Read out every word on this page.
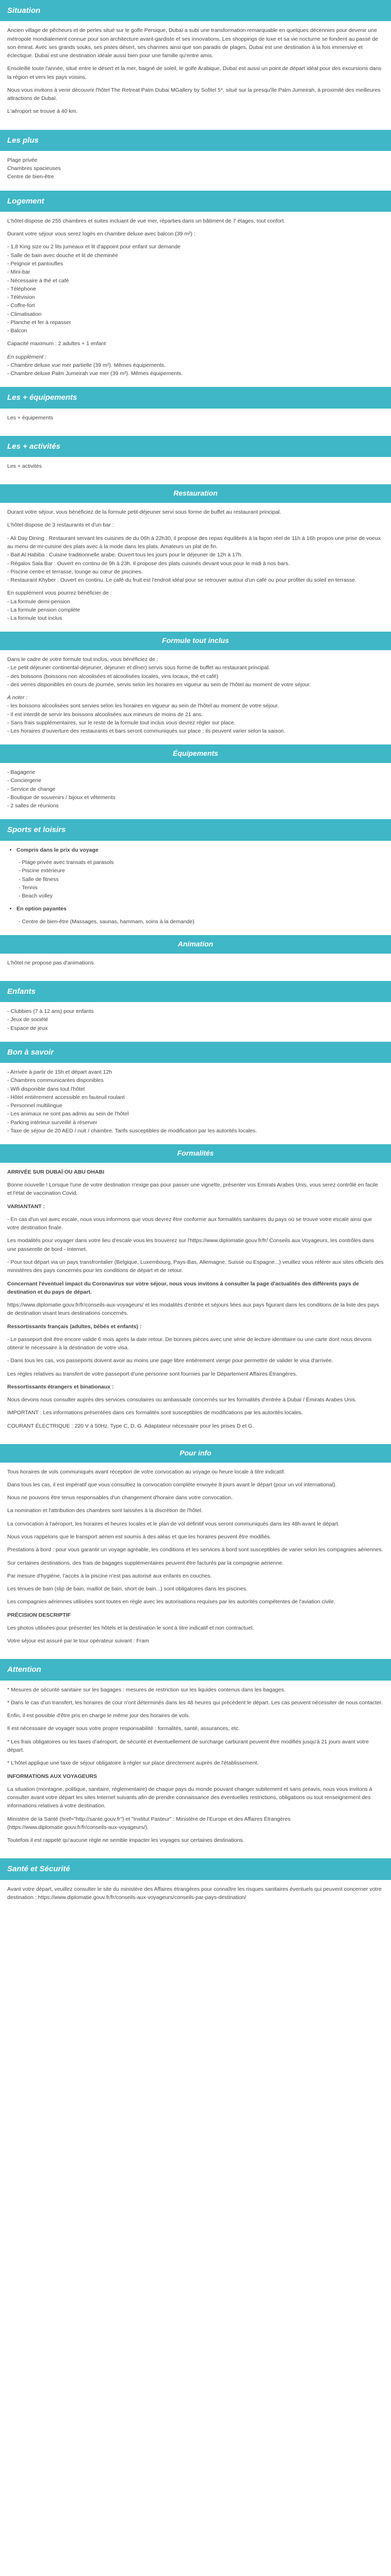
Situation

Ancien village de pêcheurs et de perles situé sur le golfe Persique, Dubaï a subi une transformation remarquable en quelques décennies pour devenir une métropole mondialement connue pour son architecture avant-gardiste et ses innovations. Les shoppings de luxe et sa vie nocturne se fondent au passé de son émirat. Avec ses grands souks, ses pistes désert, ses charmes ainsi que son paradis de plages, Dubaï est une destination à la fois immersive et éclectique. Dubaï est une destination idéale aussi bien pour une famille qu'entre amis.

Ensoleillé toute l'année, situé entre le désert et la mer, baigné de soleil, le golfe Arabique, Dubaï est aussi un point de départ idéal pour des excursions dans la région et vers les pays voisins.

Nous vous invitons à venir découvrir l'hôtel The Retreat Palm Dubai MGallery by Sofitel 5*, situé sur la presqu'île Palm Jumeirah, à proximité des meilleures attractions de Dubaï.

L'aéroport se trouve à 40 km.

Les plus

Plage privée

Chambres spacieuses

Centre de bien-être

Logement

L'hôtel dispose de 255 chambres et suites incluant de vue mer, réparties dans un bâtiment de 7 étages, tout confort.

Durant votre séjour vous serez logés en chambre deluxe avec balcon (39 m²) :

- 1,8 King size ou 2 lits jumeaux et lit d'appoint pour enfant sur demande

- Salle de bain avec douche et lit de cheminée

- Peignoir et pantoufles

- Mini-bar

- Nécessaire à thé et café

- Téléphone

- Télévision

- Coffre-fort

- Climatisation

- Planche et fer à repasser

- Balcon

Capacité maximum : 2 adultes + 1 enfant

En supplément :

- Chambre deluxe vue mer partielle (39 m²). Mêmes équipements.

- Chambre deluxe Palm Jumeirah vue mer (39 m²). Mêmes équipements.

Les + équipements

Les + équipements

Les + activités

Les + activités

Restauration

Durant votre séjour, vous bénéficiez de la formule petit-déjeuner servi sous forme de buffet au restaurant principal.

L'hôtel dispose de 3 restaurants et d'un bar :

- Ali Day Dining : Restaurant servant les cuisines de du 06h à 22h30, il propose des repas équilibrés à la façon réel de 11h à 16h propos une prise de voeux au menu de mi-cuisine des plats avec à la mode dans les plats. Amateurs un plat de fin.

- Bait Al Habiba : Cuisine traditionnelle arabe. Ouvert tous les jours pour le déjeuner de 12h à 17h.

- Régalos Sala Bar : Ouvert en continu de 9h à 23h. Il propose des plats cuisinés devant vous pour le midi à nos bars.

- Piscine centre et terrasse, lounge au cœur de piscines.

- Restaurant Khyber : Ouvert en continu. Le café du fruit est l'endroit idéal pour se retrouver autour d'un café ou pour profiter du soleil en terrasse.

En supplément vous pourrez bénéficier de :

- La formule demi-pension

- La formule pension complète

- La formule tout inclus

Formule tout inclus

Dans le cadre de votre formule tout inclus, vous bénéficiez de :

- Le petit déjeuner continental-déjeuner, déjeuner et dîner) servis sous forme de buffet au restaurant principal.

- des boissons (boissons non alcoolisées et alcoolisées locales, vins locaux, thé et café)

- des verres disponibles en cours de journée, servis selon les horaires en vigueur au sein de l'hôtel au moment de votre séjour.

A noter :

- les boissons alcoolisées sont servies selon les horaires en vigueur au sein de l'hôtel au moment de votre séjour.

- Il est interdit de servir les boissons alcoolisées aux mineurs de moins de 21 ans.

- Sans frais supplémentaires, sur le reste de la formule tout inclus vous devrez régler sur place.

- Les horaires d'ouverture des restaurants et bars seront communiqués sur place ; ils peuvent varier selon la saison.

Équipements

- Bagagerie

- Conciergerie

- Service de change

- Boutique de souvenirs / bijoux et vêtements

- 2 salles de réunions

Sports et loisirs
• Compris dans le prix du voyage

- Plage privée avec transats et parasols

- Piscine extérieure

- Salle de fitness

- Tennis

- Beach volley

• En option payantes

- Centre de bien-être (Massages, saunas, hammam, soins à la demande)

Animation

L'hôtel ne propose pas d'animations.

Enfants

- Clubbies (7 à 12 ans) pour enfants

- Jeux de société

- Espace de jeux

Bon à savoir

- Arrivée à partir de 15h et départ avant 12h

- Chambres communicantes disponibles

- Wifi disponible dans tout l'hôtel

- Hôtel entièrement accessible en fauteuil roulant

- Personnel multilingue

- Les animaux ne sont pas admis au sein de l'hôtel

- Parking intérieur surveillé à réserver

- Taxe de séjour de 20 AED / nuit / chambre. Tarifs susceptibles de modification par les autorités locales.

Formalités

ARRIVÉE SUR DUBAÏ OU ABU DHABI

Bonne nouvelle ! Lorsque l'une de votre destination n'exige pas pour passer une vignette, présenter vos Emirats Arabes Unis, vous serez contrôlé en facile et l'état de vaccination Covid.

VARIANTANT :

- En cas d'un vol avec escale, nous vous informons que vous devrez être conforme aux formalités sanitaires du pays où se trouve votre escale ainsi que votre destination finale.

Les modalités pour voyager dans votre lieu d'escale vous les trouverez sur l'https://www.diplomatie.gouv.fr/fr/ Conseils aux Voyageurs, les contrôles dans une passerelle de bord - Internet.

- Pour tout départ via un pays transfrontalier (Belgique, Luxembourg, Pays-Bas, Allemagne, Suisse ou Espagne...) veuillez vous référer aux sites officiels des ministères des pays concernés pour les conditions de départ et de retour.

Concernant l'éventuel impact du Coronavirus sur votre séjour, nous vous invitons à consulter la page d'actualités des différents pays de destination et du pays de départ.

https://www.diplomatie.gouv.fr/fr/conseils-aux-voyageurs/ et les modalités d'entrée et séjours liées aux pays figurant dans les conditions de la liste des pays de destination visant leurs destinations concernés.

Ressortissants français (adultes, bébés et enfants) :

- Le passeport doit être encore valide 6 mois après la date retour. De bonnes pièces avec une série de lecture identitaire ou une carte dont nous devons obtenir le nécessaire à la destination de votre visa.

- Dans tous les cas, vos passeports doivent avoir au moins une page libre entièrement vierge pour permettre de valider le visa d'arrivée.

Les règles relatives au transfert de votre passeport d'une personne sont fournies par le Département Affaires Étrangères.

Ressortissants étrangers et binationaux :

Nous devons nous consulter auprès des services consulaires ou ambassade concernés sur les formalités d'entrée à Dubaï / Émirats Arabes Unis.

IMPORTANT : Les informations présentées dans ces formalités sont susceptibles de modifications par les autorités locales.

COURANT ÉLECTRIQUE : 220 V à 50Hz. Type C, D, G. Adaptateur nécessaire pour les prises D et G.

Pour info

Tous horaires de vols communiqués avant réception de votre convocation au voyage ou heure locale à titre indicatif.

Dans tous les cas, il est impératif que vous consultiez la convocation complète envoyée 8 jours avant le départ (pour un vol international).

Nous ne pouvons être tenus responsables d'un changement d'horaire dans votre convocation.

La nomination et l'attribution des chambres sont laissées à la discrétion de l'hôtel.

La convocation à l'aéroport, les horaires et heures locales et le plan de vol définitif vous seront communiqués dans les 48h avant le départ.

Nous vous rappelons que le transport aérien est soumis à des aléas et que les horaires peuvent être modifiés.

Prestations à bord : pour vous garantir un voyage agréable, les conditions et les services à bord sont susceptibles de varier selon les compagnies aériennes.

Sur certaines destinations, des frais de bagages supplémentaires peuvent être facturés par la compagnie aérienne.

Par mesure d'hygiène, l'accès à la piscine n'est pas autorisé aux enfants en couches.

Les tenues de bain (slip de bain, maillot de bain, short de bain...) sont obligatoires dans les piscines.

Les compagnies aériennes utilisées sont toutes en règle avec les autorisations requises par les autorités compétentes de l'aviation civile.

PRÉCISION DESCRIPTIF

Les photos utilisées pour présenter les hôtels et la destination le sont à titre indicatif et non contractuel.

Votre séjour est assuré par le tour opérateur suivant : Fram

Attention

* Mesures de sécurité sanitaire sur les bagages : mesures de restriction sur les liquides contenus dans les bagages.

* Dans le cas d'un transfert, les horaires de cour n'ont déterminés dans les 48 heures qui précèdent le départ. Les cas peuvent nécessiter de nous contacter.

Enfin, il est possible d'être pris en charge le même jour des horaires de vols.

Il est nécessaire de voyager sous votre propre responsabilité : formalités, santé, assurances, etc.

* Les frais obligatoires ou les taxes d'aéroport, de sécurité et éventuellement de surcharge carburant peuvent être modifiés jusqu'à 21 jours avant votre départ.

* L'hôtel applique une taxe de séjour obligatoire à régler sur place directement auprès de l'établissement.

INFORMATIONS AUX VOYAGEURS

La situation (montagne, politique, sanitaire, réglementaire) de chaque pays du monde pouvant changer subitement et sans préavis, nous vous invitons à consulter avant votre départ les sites Internet suivants afin de prendre connaissance des éventuelles restrictions, obligations ou tout renseignement des informations relatives à votre destination.

Ministère de la Santé (href="http://sante.gouv.fr") et "Institut Pasteur" : Ministère de l'Europe et des Affaires Étrangères (https://www.diplomatie.gouv.fr/fr/conseils-aux-voyageurs/).

Toutefois il est rappelé qu'aucune règle ne semble impacter les voyages sur certaines destinations.

Santé et Sécurité

Avant votre départ, veuillez consulter le site du ministère des Affaires étrangères pour connaître les risques sanitaires éventuels qui peuvent concerner votre destination : https://www.diplomatie.gouv.fr/fr/conseils-aux-voyageurs/conseils-par-pays-destination/
